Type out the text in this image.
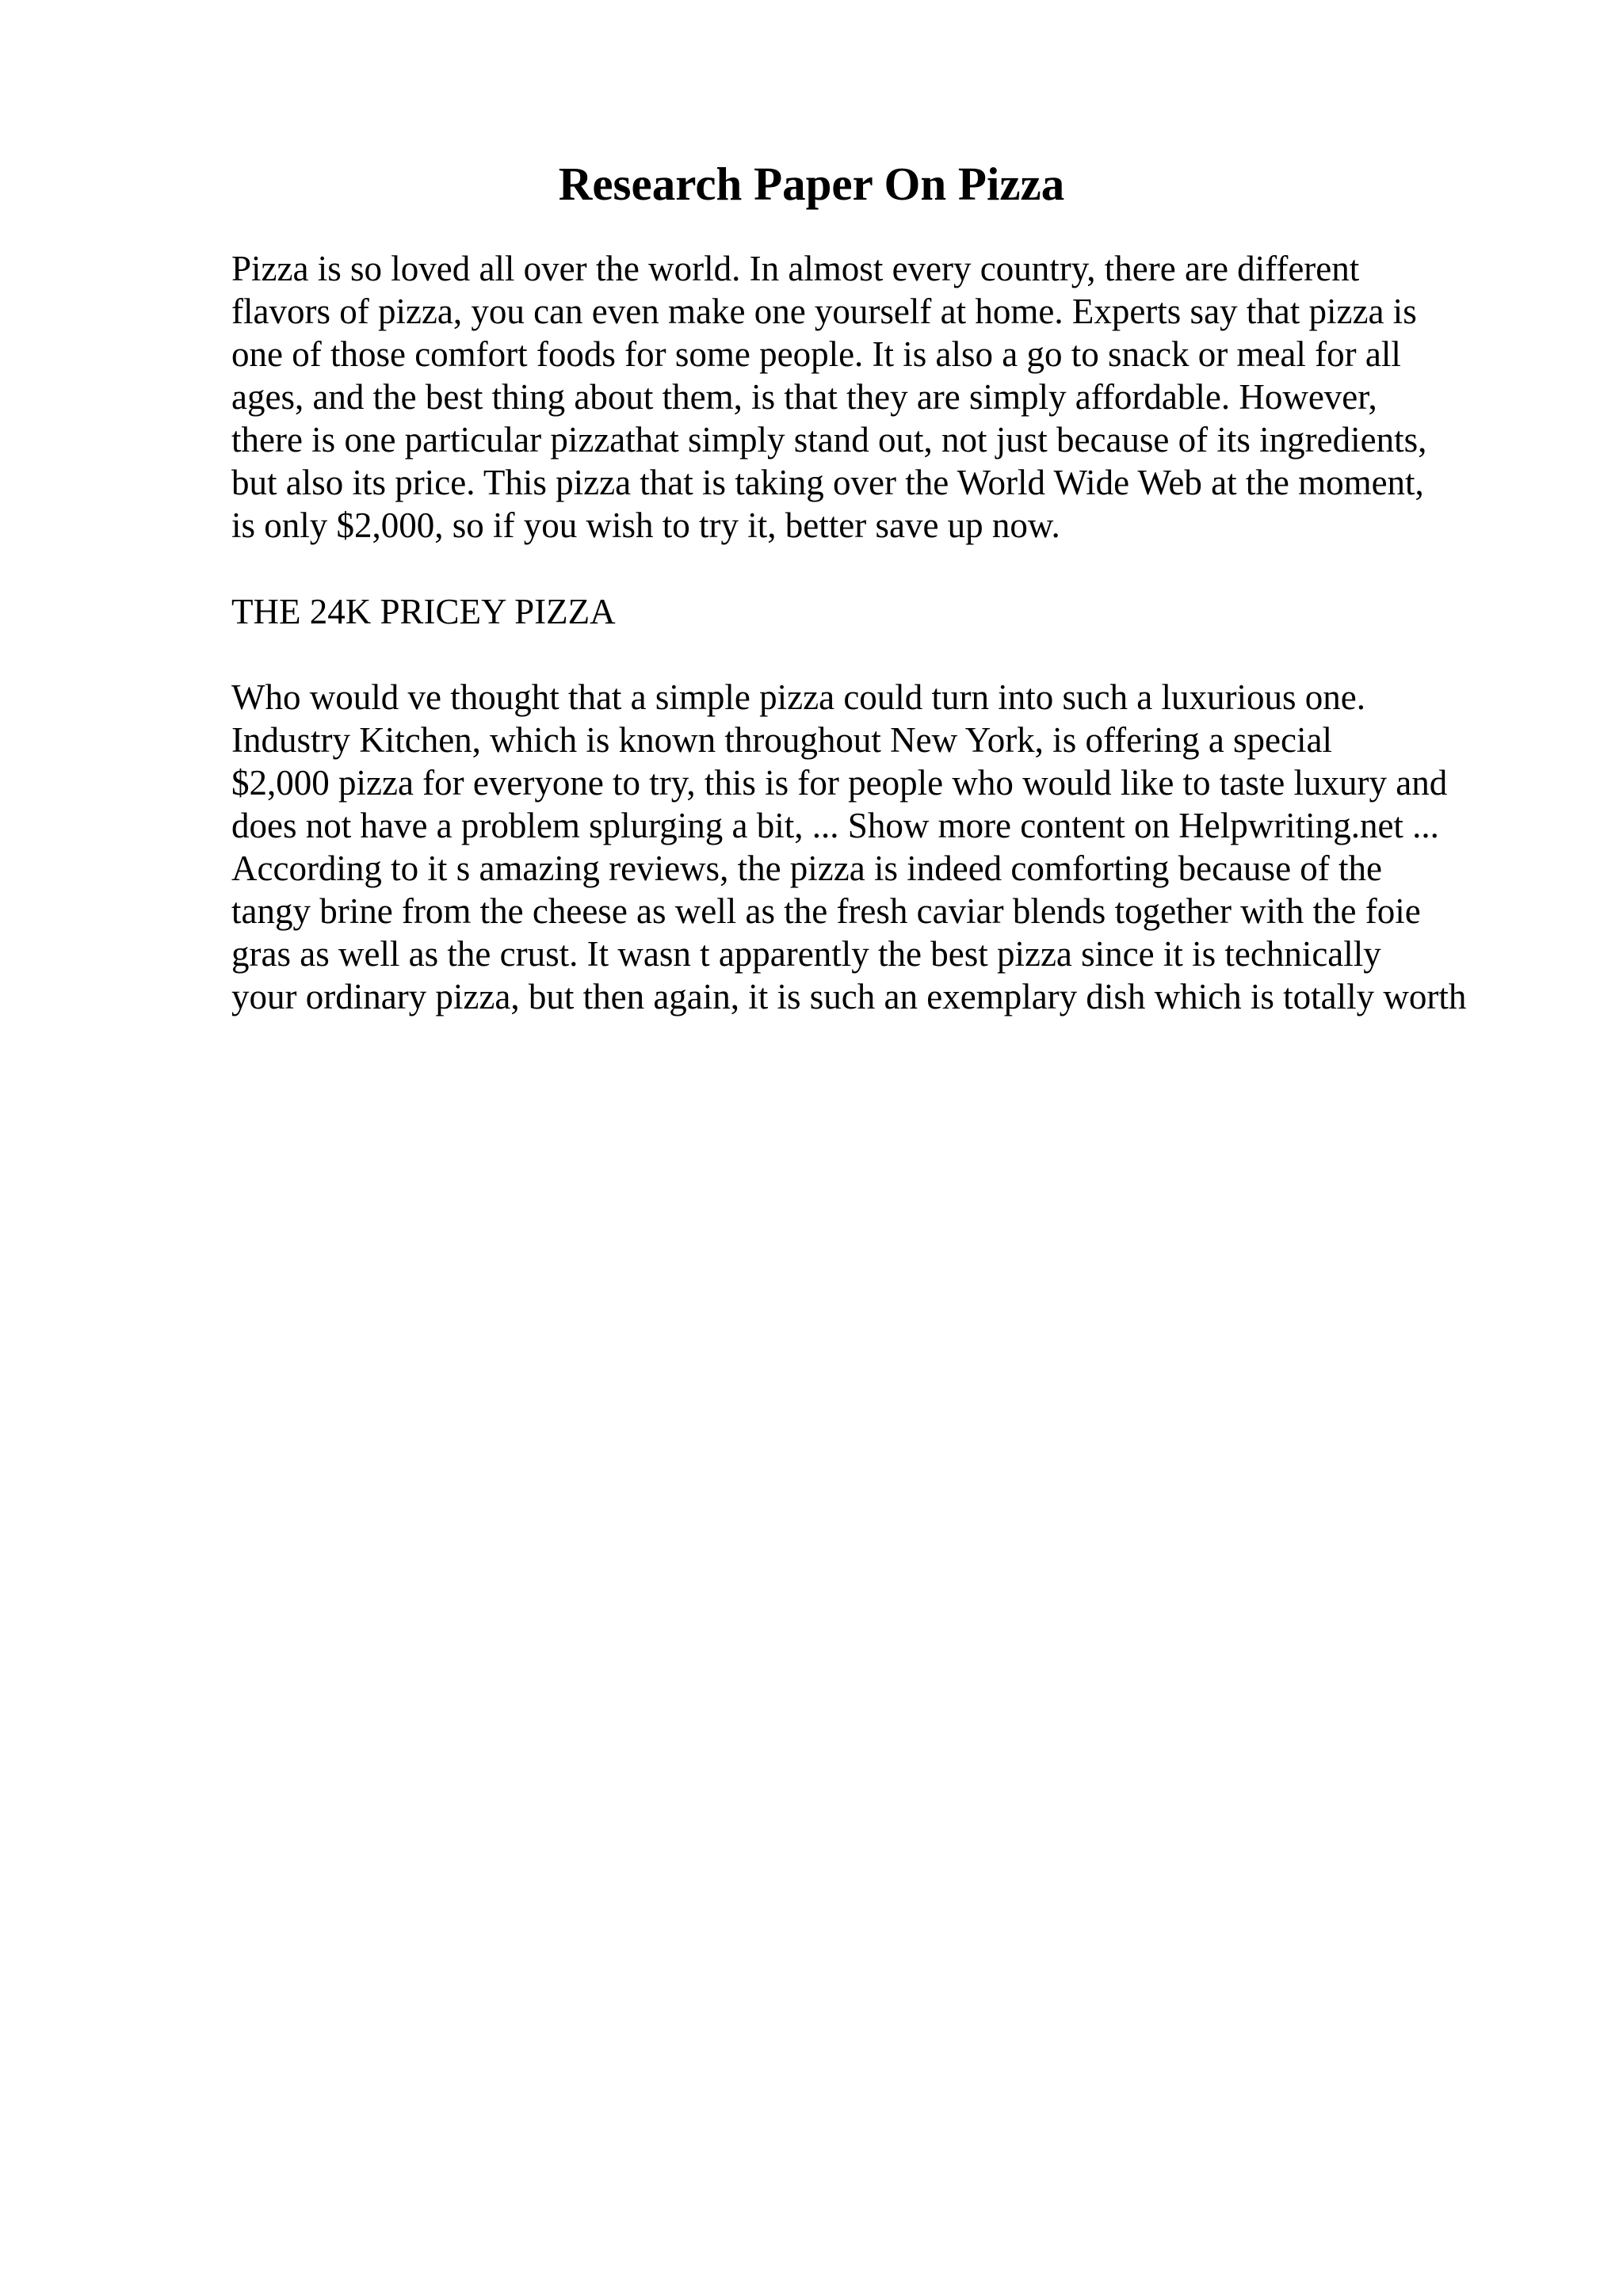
Research Paper On Pizza
Pizza is so loved all over the world. In almost every country, there are different
flavors of pizza, you can even make one yourself at home. Experts say that pizza is
one of those comfort foods for some people. It is also a go to snack or meal for all
ages, and the best thing about them, is that they are simply affordable. However,
there is one particular pizzathat simply stand out, not just because of its ingredients,
but also its price. This pizza that is taking over the World Wide Web at the moment,
is only $2,000, so if you wish to try it, better save up now.
THE 24K PRICEY PIZZA
Who would ve thought that a simple pizza could turn into such a luxurious one.
Industry Kitchen, which is known throughout New York, is offering a special
$2,000 pizza for everyone to try, this is for people who would like to taste luxury and
does not have a problem splurging a bit, ... Show more content on Helpwriting.net ...
According to it s amazing reviews, the pizza is indeed comforting because of the
tangy brine from the cheese as well as the fresh caviar blends together with the foie
gras as well as the crust. It wasn t apparently the best pizza since it is technically
your ordinary pizza, but then again, it is such an exemplary dish which is totally worth
